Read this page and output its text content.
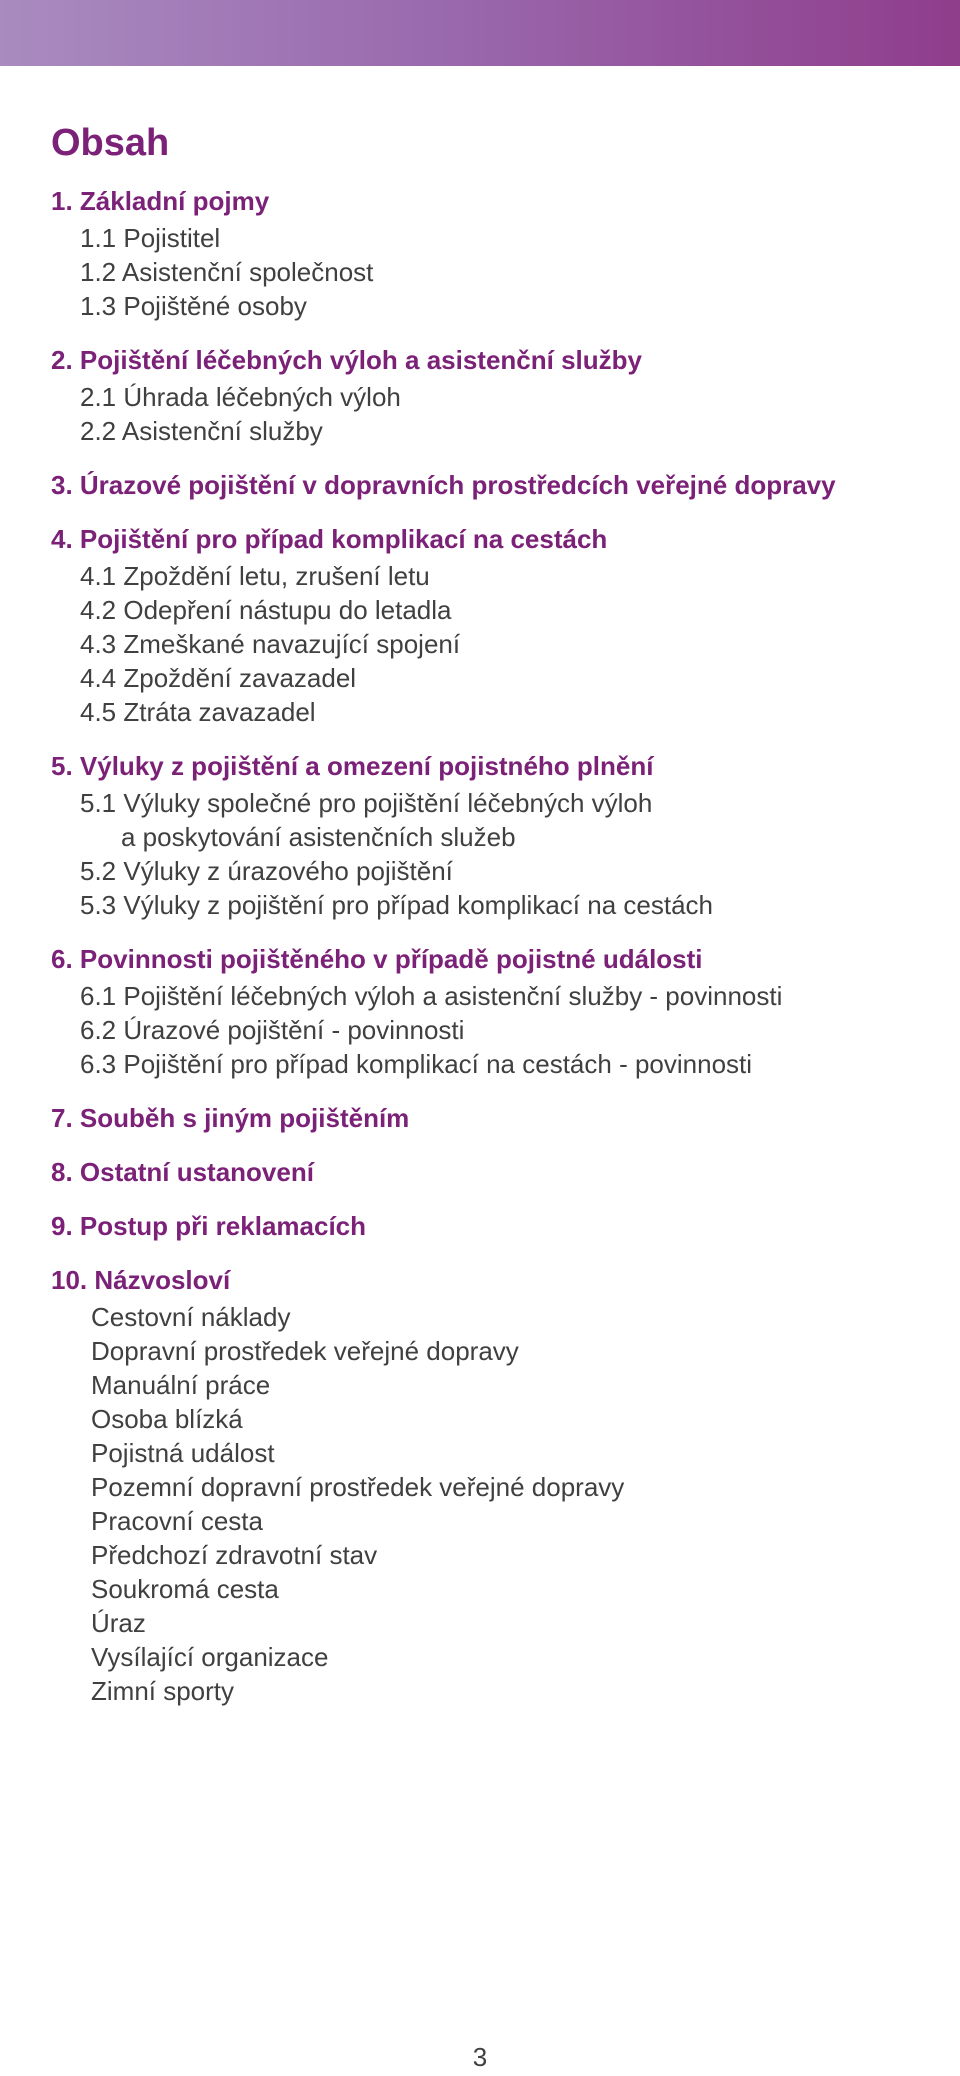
Obsah
1. Základní pojmy
1.1 Pojistitel
1.2 Asistenční společnost
1.3 Pojištěné osoby
2. Pojištění léčebných výloh a asistenční služby
2.1 Úhrada léčebných výloh
2.2 Asistenční služby
3. Úrazové pojištění v dopravních prostředcích veřejné dopravy
4. Pojištění pro případ komplikací na cestách
4.1 Zpoždění letu, zrušení letu
4.2 Odepření nástupu do letadla
4.3 Zmeškané navazující spojení
4.4 Zpoždění zavazadel
4.5 Ztráta zavazadel
5. Výluky z pojištění a omezení pojistného plnění
5.1 Výluky společné pro pojištění léčebných výloh
a poskytování asistenčních služeb
5.2 Výluky z úrazového pojištění
5.3 Výluky z pojištění pro případ komplikací na cestách
6. Povinnosti pojištěného v případě pojistné události
6.1 Pojištění léčebných výloh a asistenční služby - povinnosti
6.2 Úrazové pojištění - povinnosti
6.3 Pojištění pro případ komplikací na cestách - povinnosti
7. Souběh s jiným pojištěním
8. Ostatní ustanovení
9. Postup při reklamacích
10. Názvosloví
Cestovní náklady
Dopravní prostředek veřejné dopravy
Manuální práce
Osoba blízká
Pojistná událost
Pozemní dopravní prostředek veřejné dopravy
Pracovní cesta
Předchozí zdravotní stav
Soukromá cesta
Úraz
Vysílající organizace
Zimní sporty
3
